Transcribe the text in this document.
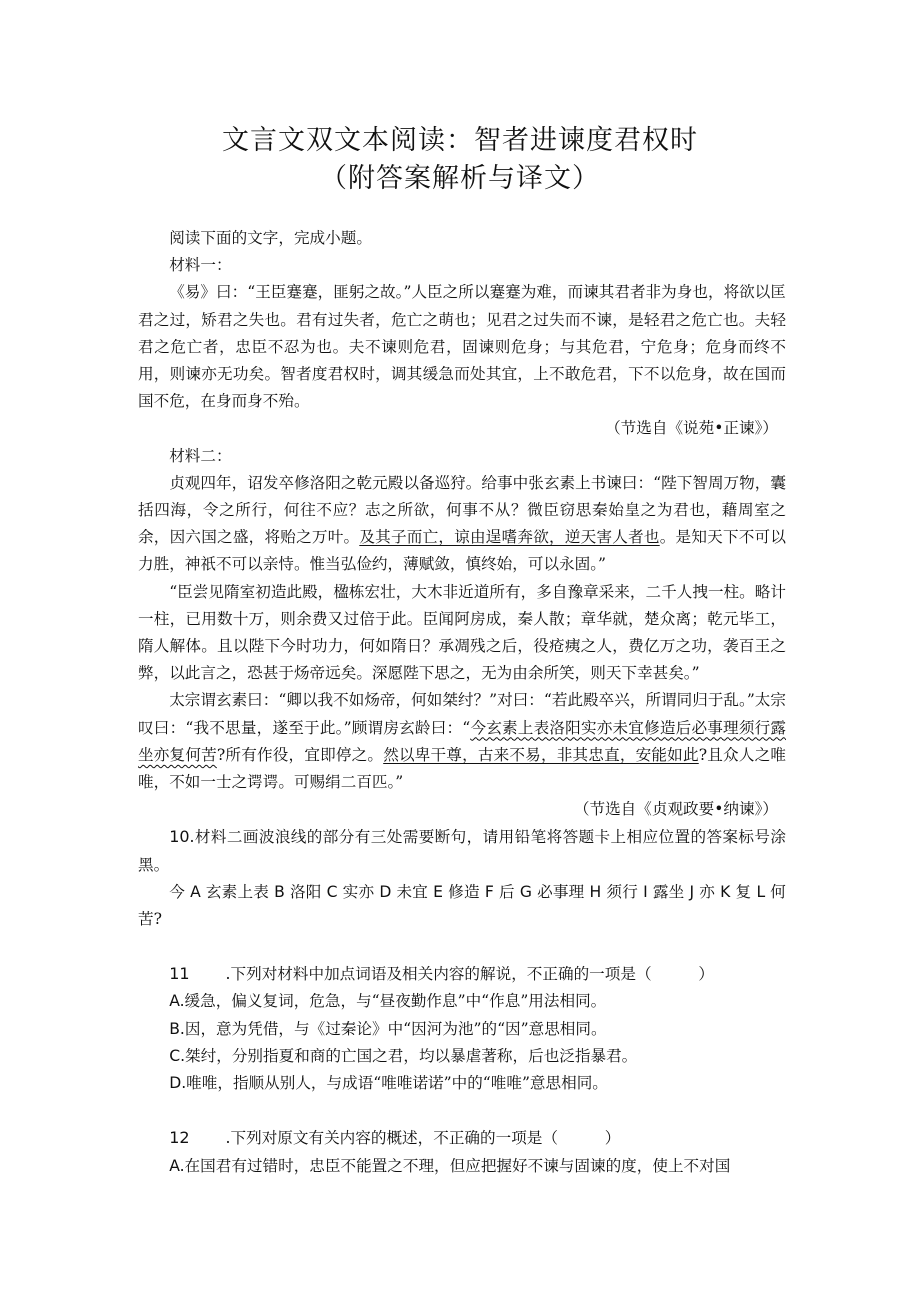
文言文双文本阅读：智者进谏度君权时
（附答案解析与译文）

阅读下面的文字，完成小题。

材料一：

《易》曰：“王臣蹇蹇，匪躬之故。”人臣之所以蹇蹇为难，而谏其君者非为身也，将欲以匡君之过，矫君之失也。君有过失者，危亡之萌也；见君之过失而不谏，是轻君之危亡也。夫轻君之危亡者，忠臣不忍为也。夫不谏则危君，固谏则危身；与其危君，宁危身；危身而终不用，则谏亦无功矣。智者度君权时，调其缓急而处其宜，上不敢危君，下不以危身，故在国而国不危，在身而身不殆。

（节选自《说苑•正谏》）

材料二：

贞观四年，诏发卒修洛阳之乾元殿以备巡狩。给事中张玄素上书谏曰：“陛下智周万物，囊括四海，令之所行，何往不应？志之所欲，何事不从？微臣窃思秦始皇之为君也，藉周室之余，因六国之盛，将贻之万叶。及其子而亡，谅由逞嗜奔欲，逆天害人者也。是知天下不可以力胜，神祇不可以亲恃。惟当弘俭约，薄赋敛，慎终始，可以永固。”

“臣尝见隋室初造此殿，楹栋宏壮，大木非近道所有，多自豫章采来，二千人拽一柱。略计一柱，已用数十万，则余费又过倍于此。臣闻阿房成，秦人散；章华就，楚众离；乾元毕工，隋人解体。且以陛下今时功力，何如隋日？承凋残之后，役疮痍之人，费亿万之功，袭百王之弊，以此言之，恐甚于炀帝远矣。深愿陛下思之，无为由余所笑，则天下幸甚矣。”

太宗谓玄素曰：“卿以我不如炀帝，何如桀纣？”对曰：“若此殿卒兴，所谓同归于乱。”太宗叹曰：“我不思量，遂至于此。”顾谓房玄龄曰：“今玄素上表洛阳实亦未宜修造后必事理须行露坐亦复何苦?所有作役，宜即停之。然以卑干尊，古来不易，非其忠直，安能如此?且众人之唯唯，不如一士之谔谔。可赐绢二百匹。”

（节选自《贞观政要•纳谏》）

10.材料二画波浪线的部分有三处需要断句，请用铅笔将答题卡上相应位置的答案标号涂黑。

今 A 玄素上表 B 洛阳 C 实亦 D 未宜 E 修造 F 后 G 必事理 H 须行 I 露坐 J 亦 K 复 L 何苦?

11 .下列对材料中加点词语及相关内容的解说，不正确的一项是（　　　）

A.缓急，偏义复词，危急，与“昼夜勤作息”中“作息”用法相同。

B.因，意为凭借，与《过秦论》中“因河为池”的“因”意思相同。

C.桀纣，分别指夏和商的亡国之君，均以暴虐著称，后也泛指暴君。

D.唯唯，指顺从别人，与成语“唯唯诺诺”中的“唯唯”意思相同。

12 .下列对原文有关内容的概述，不正确的一项是（　　　）

A.在国君有过错时，忠臣不能置之不理，但应把握好不谏与固谏的度，使上不对国
